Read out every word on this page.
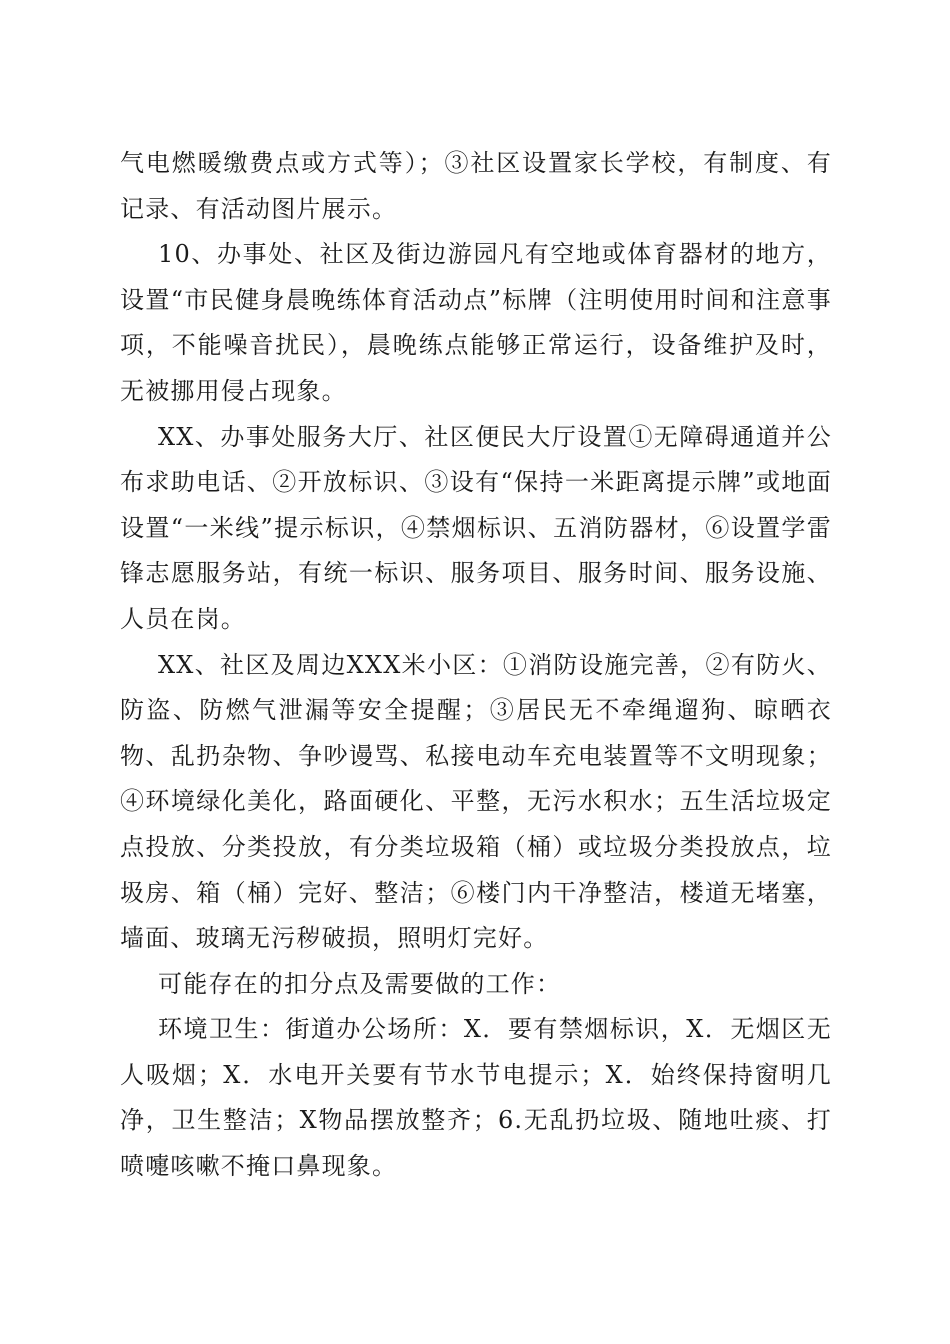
气电燃暖缴费点或方式等）；③社区设置家长学校，有制度、有记录、有活动图片展示。

10、办事处、社区及街边游园凡有空地或体育器材的地方，设置“市民健身晨晚练体育活动点”标牌（注明使用时间和注意事项，不能噪音扰民），晨晚练点能够正常运行，设备维护及时，无被挪用侵占现象。

XX、办事处服务大厅、社区便民大厅设置①无障碍通道并公布求助电话、②开放标识、③设有“保持一米距离提示牌”或地面设置“一米线”提示标识，④禁烟标识、五消防器材，⑥设置学雷锋志愿服务站，有统一标识、服务项目、服务时间、服务设施、人员在岗。

XX、社区及周边XXX米小区：①消防设施完善，②有防火、防盗、防燃气泄漏等安全提醒；③居民无不牵绳遛狗、晾晒衣物、乱扔杂物、争吵谩骂、私接电动车充电装置等不文明现象；④环境绿化美化，路面硬化、平整，无污水积水；五生活垃圾定点投放、分类投放，有分类垃圾箱（桶）或垃圾分类投放点，垃圾房、箱（桶）完好、整洁；⑥楼门内干净整洁，楼道无堵塞，墙面、玻璃无污秽破损，照明灯完好。

可能存在的扣分点及需要做的工作：

环境卫生：街道办公场所：X．要有禁烟标识，X．无烟区无人吸烟；X．水电开关要有节水节电提示；X．始终保持窗明几净，卫生整洁；X物品摆放整齐；6.无乱扔垃圾、随地吐痰、打喷嚏咳嗽不掩口鼻现象。
